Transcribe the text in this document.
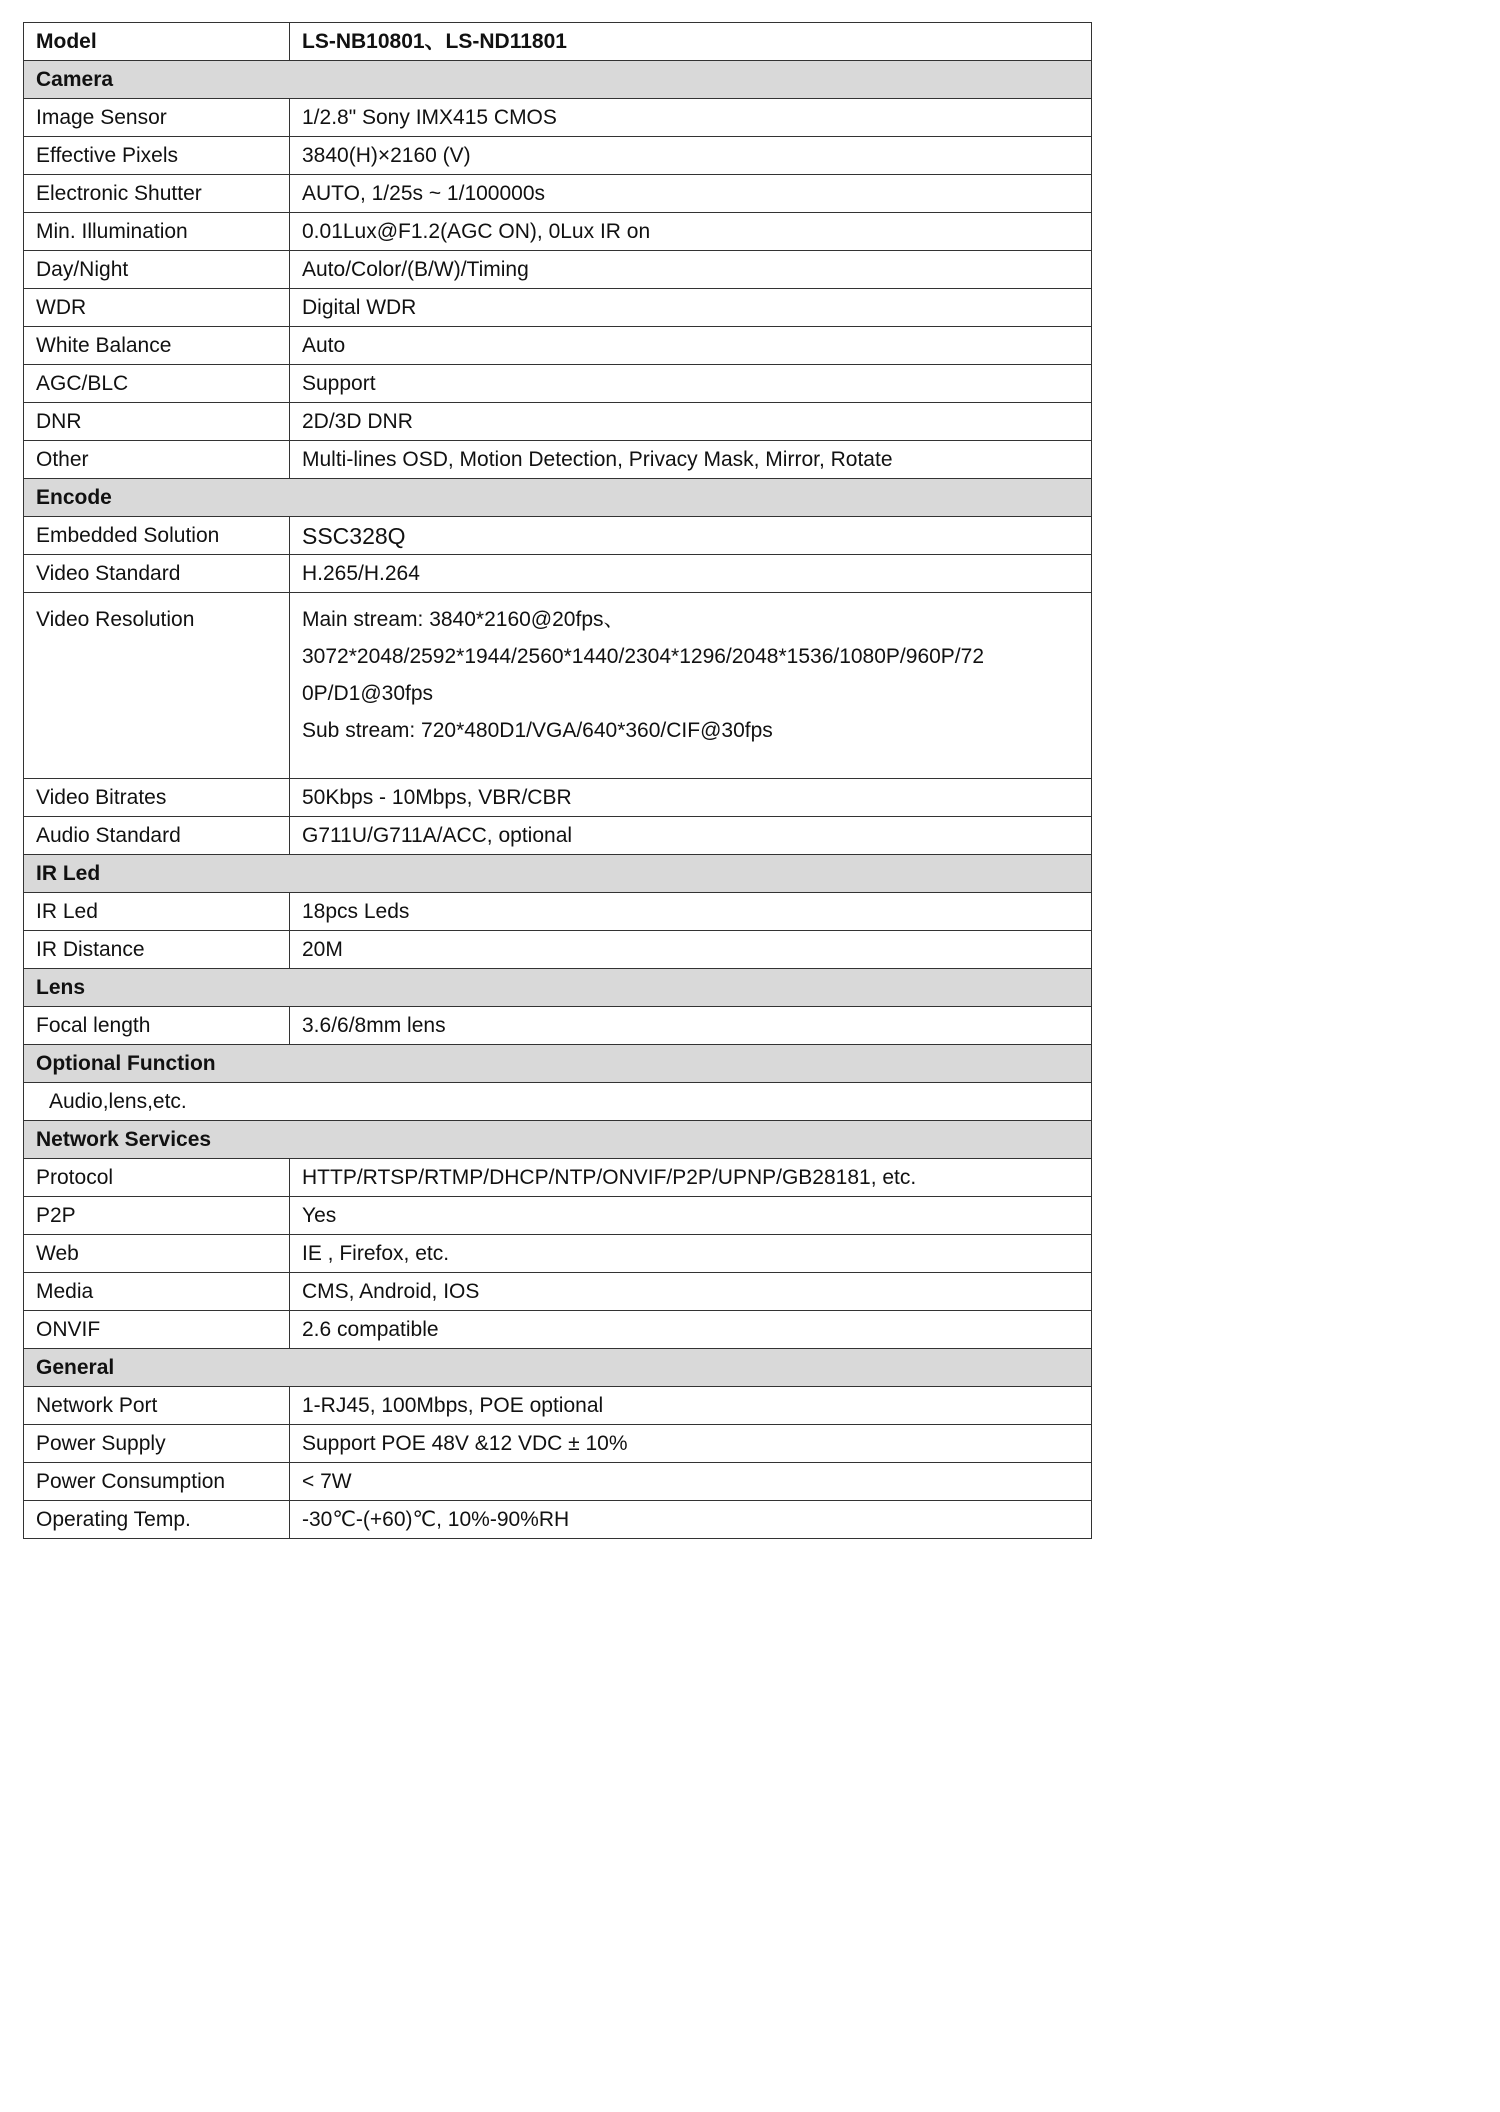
Model	LS-NB10801、LS-ND11801
Camera	
Image Sensor	1/2.8" Sony IMX415 CMOS
Effective Pixels	3840(H)×2160 (V)
Electronic Shutter	AUTO, 1/25s ~ 1/100000s
Min. Illumination	0.01Lux@F1.2(AGC ON), 0Lux IR on
Day/Night	Auto/Color/(B/W)/Timing
WDR	Digital WDR
White Balance	Auto
AGC/BLC	Support
DNR	2D/3D DNR
Other	Multi-lines OSD, Motion Detection, Privacy Mask, Mirror, Rotate
Encode	
Embedded Solution	SSC328Q
Video Standard	H.265/H.264
Video Resolution	Main stream: 3840*2160@20fps、
3072*2048/2592*1944/2560*1440/2304*1296/2048*1536/1080P/960P/72
0P/D1@30fps
Sub stream: 720*480D1/VGA/640*360/CIF@30fps

Video Bitrates	50Kbps - 10Mbps, VBR/CBR
Audio Standard	G711U/G711A/ACC, optional
IR Led	
IR Led	18pcs Leds
IR Distance	20M
Lens	
Focal length	3.6/6/8mm lens
Optional Function	
Audio,lens,etc.	
Network Services	
Protocol	HTTP/RTSP/RTMP/DHCP/NTP/ONVIF/P2P/UPNP/GB28181, etc.
P2P	Yes
Web	IE , Firefox, etc.
Media	CMS, Android, IOS
ONVIF	2.6 compatible
General	
Network Port	1-RJ45, 100Mbps, POE optional
Power Supply	Support POE 48V &12 VDC ± 10%
Power Consumption	< 7W
Operating Temp.	-30℃-(+60)℃, 10%-90%RH
